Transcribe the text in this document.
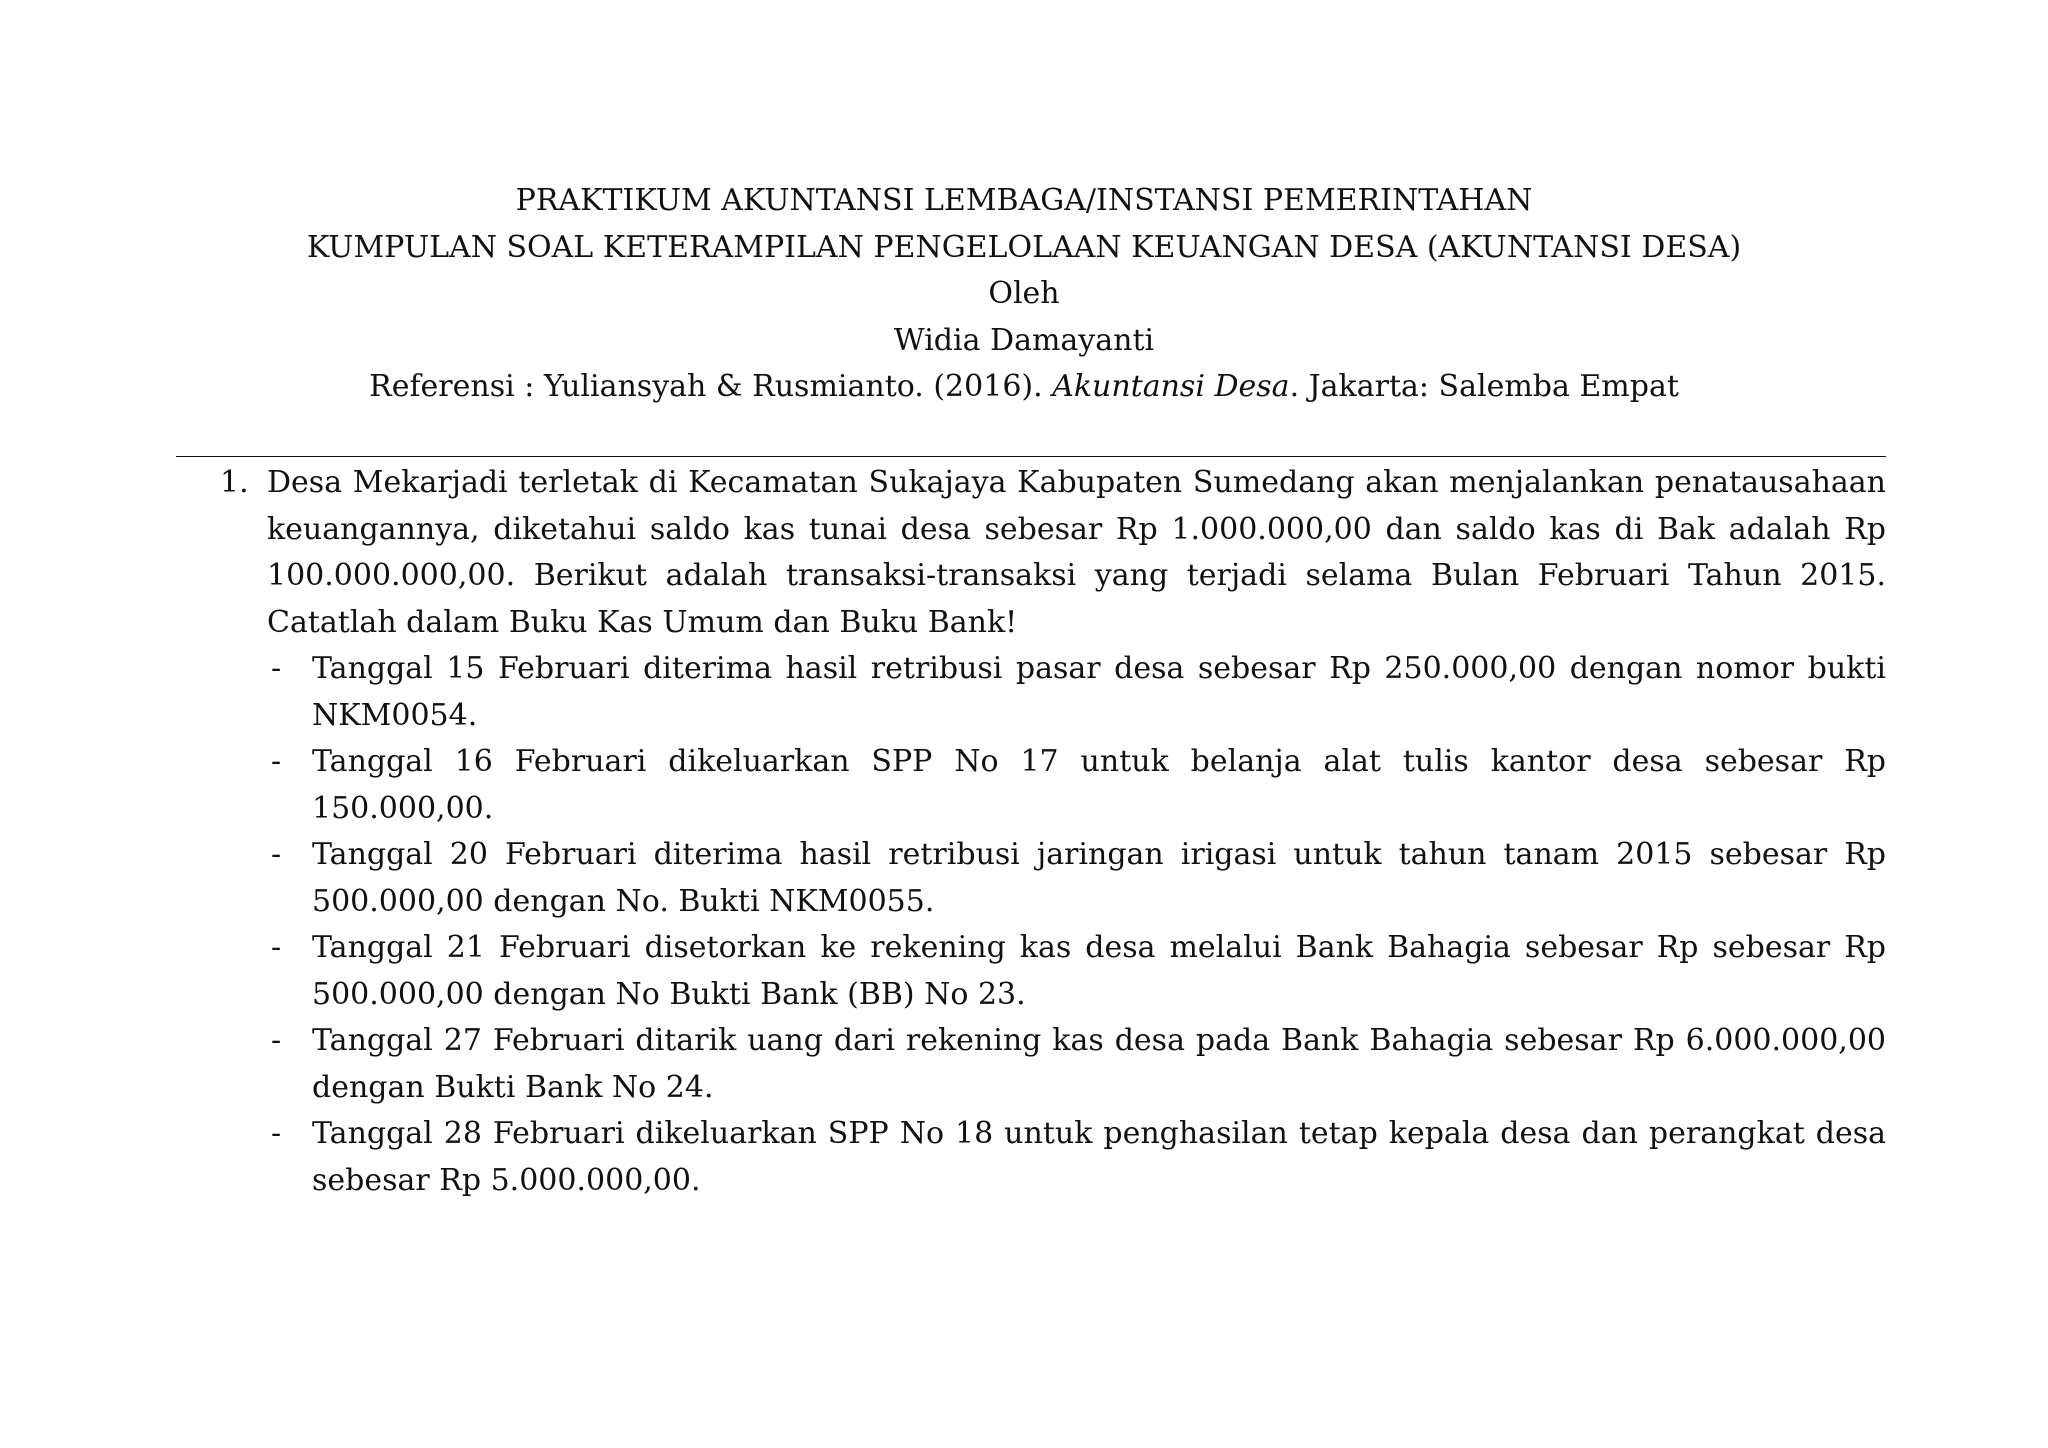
PRAKTIKUM AKUNTANSI LEMBAGA/INSTANSI PEMERINTAHAN
KUMPULAN SOAL KETERAMPILAN PENGELOLAAN KEUANGAN DESA (AKUNTANSI DESA)
Oleh
Widia Damayanti
Referensi : Yuliansyah & Rusmianto. (2016). Akuntansi Desa. Jakarta: Salemba Empat
1. Desa Mekarjadi terletak di Kecamatan Sukajaya Kabupaten Sumedang akan menjalankan penatausahaan keuangannya, diketahui saldo kas tunai desa sebesar Rp 1.000.000,00 dan saldo kas di Bak adalah Rp 100.000.000,00. Berikut adalah transaksi-transaksi yang terjadi selama Bulan Februari Tahun 2015. Catatlah dalam Buku Kas Umum dan Buku Bank!
- Tanggal 15 Februari diterima hasil retribusi pasar desa sebesar Rp 250.000,00 dengan nomor bukti NKM0054.
- Tanggal 16 Februari dikeluarkan SPP No 17 untuk belanja alat tulis kantor desa sebesar Rp 150.000,00.
- Tanggal 20 Februari diterima hasil retribusi jaringan irigasi untuk tahun tanam 2015 sebesar Rp 500.000,00 dengan No. Bukti NKM0055.
- Tanggal 21 Februari disetorkan ke rekening kas desa melalui Bank Bahagia sebesar Rp sebesar Rp 500.000,00 dengan No Bukti Bank (BB) No 23.
- Tanggal 27 Februari ditarik uang dari rekening kas desa pada Bank Bahagia sebesar Rp 6.000.000,00 dengan Bukti Bank No 24.
- Tanggal 28 Februari dikeluarkan SPP No 18 untuk penghasilan tetap kepala desa dan perangkat desa sebesar Rp 5.000.000,00.
